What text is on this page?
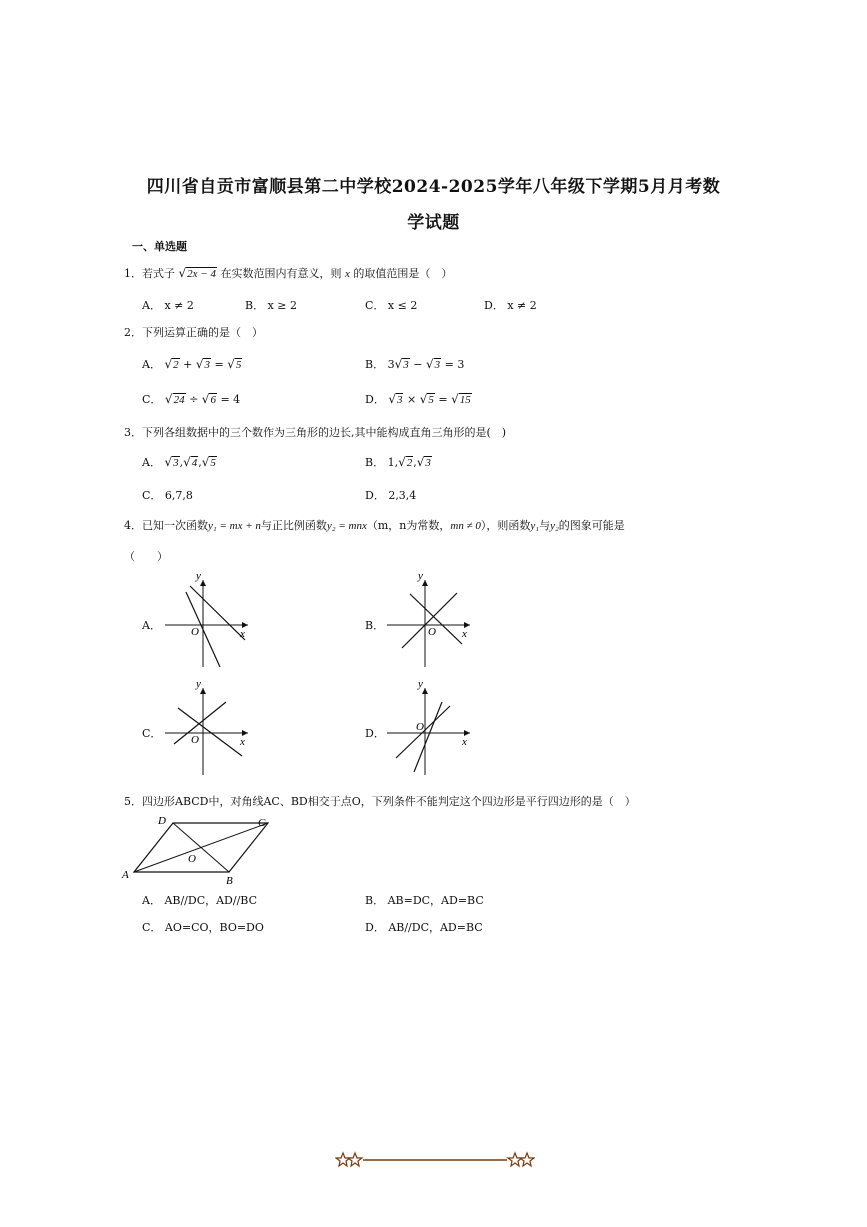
四川省自贡市富顺县第二中学校2024-2025学年八年级下学期5月月考数
学试题
一、单选题
1．若式子 √2x − 4 在实数范围内有意义，则 x 的取值范围是（　）
A． x ≠ 2	B． x ≥ 2	C． x ≤ 2	D． x ≠ 2
2．下列运算正确的是（　）
A． √2 + √3 = √5	B． 3√3 − √3 = 3
C． √24 ÷ √6 = 4	D． √3 × √5 = √15
3．下列各组数据中的三个数作为三角形的边长,其中能构成直角三角形的是(　)
A． √3,√4,√5	B． 1,√2,√3
C． 6,7,8	D． 2,3,4
4．已知一次函数y₁ = mx + n与正比例函数y₂ = mnx（m，n为常数，mn ≠ 0），则函数y₁与y₂的图象可能是
（　　）
A．	B．
C．	D．
y
x
O
y
x
O
y
x
O
y
x
O
5．四边形ABCD中，对角线AC、BD相交于点O，下列条件不能判定这个四边形是平行四边形的是（　）
A	B
C
D
O
A． AB//DC，AD//BC	B． AB=DC，AD=BC
C． AO=CO，BO=DO	D． AB//DC，AD=BC
